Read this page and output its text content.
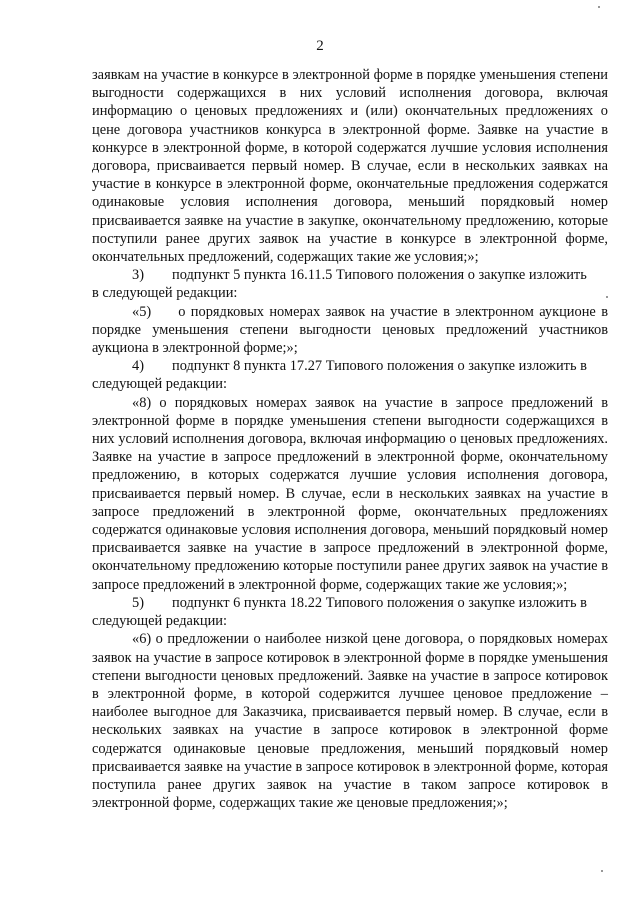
2

заявкам на участие в конкурсе в электронной форме в порядке уменьшения степени выгодности содержащихся в них условий исполнения договора, включая информацию о ценовых предложениях и (или) окончательных предложениях о цене договора участников конкурса в электронной форме. Заявке на участие в конкурсе в электронной форме, в которой содержатся лучшие условия исполнения договора, присваивается первый номер. В случае, если в нескольких заявках на участие в конкурсе в электронной форме, окончательные предложения содержатся одинаковые условия исполнения договора, меньший порядковый номер присваивается заявке на участие в закупке, окончательному предложению, которые поступили ранее других заявок на участие в конкурсе в электронной форме, окончательных предложений, содержащих такие же условия;»;

3)	подпункт 5 пункта 16.11.5 Типового положения о закупке изложить

в следующей редакции:

«5)     о порядковых номерах заявок на участие в электронном аукционе в порядке уменьшения степени выгодности ценовых предложений участников аукциона в электронной форме;»;

4)	подпункт 8 пункта 17.27 Типового положения о закупке изложить в

следующей редакции:

«8) о порядковых номерах заявок на участие в запросе предложений в электронной форме в порядке уменьшения степени выгодности содержащихся в них условий исполнения договора, включая информацию о ценовых предложениях. Заявке на участие в запросе предложений в электронной форме, окончательному предложению, в которых содержатся лучшие условия исполнения договора, присваивается первый номер. В случае, если в нескольких заявках на участие в запросе предложений в электронной форме, окончательных предложениях содержатся одинаковые условия исполнения договора, меньший порядковый номер присваивается заявке на участие в запросе предложений в электронной форме, окончательному предложению которые поступили ранее других заявок на участие в запросе предложений в электронной форме, содержащих такие же условия;»;

5)	подпункт 6 пункта 18.22 Типового положения о закупке изложить в

следующей редакции:

«6) о предложении о наиболее низкой цене договора, о порядковых номерах заявок на участие в запросе котировок в электронной форме в порядке уменьшения степени выгодности ценовых предложений. Заявке на участие в запросе котировок в электронной форме, в которой содержится лучшее ценовое предложение – наиболее выгодное для Заказчика, присваивается первый номер. В случае, если в нескольких заявках на участие в запросе котировок в электронной форме содержатся одинаковые ценовые предложения, меньший порядковый номер присваивается заявке на участие в запросе котировок в электронной форме, которая поступила ранее других заявок на участие в таком запросе котировок в электронной форме, содержащих такие же ценовые предложения;»;
